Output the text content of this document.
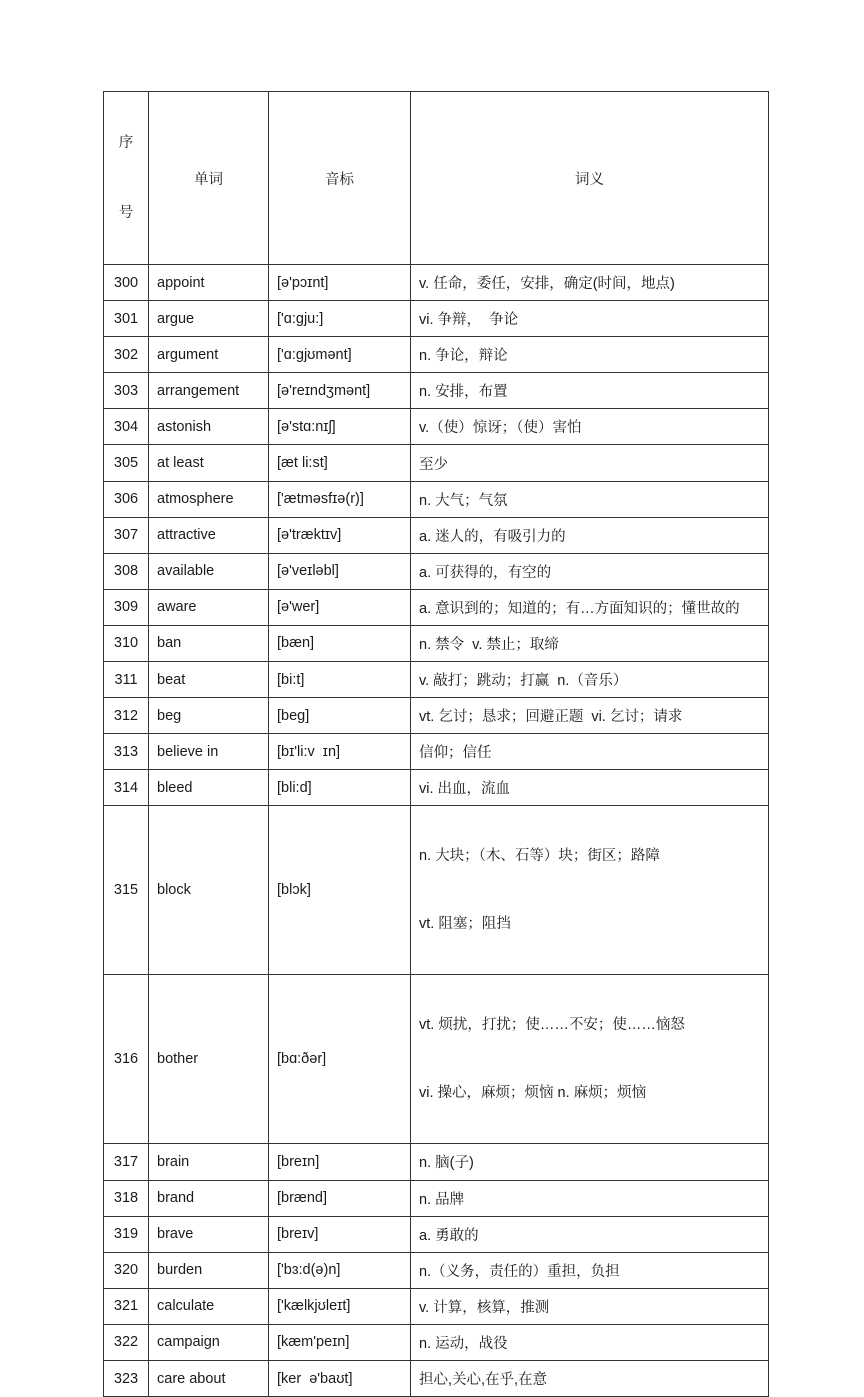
序

号	单词	音标	词义
300	appoint	[ə'pɔɪnt]	v. 任命，委任，安排，确定(时间，地点)
301	argue	['ɑ:gju:]	vi. 争辩，  争论
302	argument	['ɑ:gjʊmənt]	n. 争论，辩论
303	arrangement	[ə'reɪndʒmənt]	n. 安排，布置
304	astonish	[ə'stɑ:nɪʃ]	v.（使）惊讶；（使）害怕
305	at least	[æt li:st]	至少
306	atmosphere	['ætməsfɪə(r)]	n. 大气；气氛
307	attractive	[ə'træktɪv]	a. 迷人的，有吸引力的
308	available	[ə'veɪləbl]	a. 可获得的，有空的
309	aware	[ə'wer]	a. 意识到的；知道的；有…方面知识的；懂世故的
310	ban	[bæn]	n. 禁令  v. 禁止；取缔
311	beat	[bi:t]	v. 敲打；跳动；打赢  n.（音乐）
312	beg	[beg]	vt. 乞讨；恳求；回避正题  vi. 乞讨；请求
313	believe in	[bɪ'li:v  ɪn]	信仰；信任
314	bleed	[bli:d]	vi. 出血，流血
315	block	[blɔk]	n. 大块；（木、石等）块；街区；路障

vt. 阻塞；阻挡

316	bother	[bɑ:ðər]	vt. 烦扰，打扰；使……不安；使……恼怒

vi. 操心，麻烦；烦恼 n. 麻烦；烦恼

317	brain	[breɪn]	n. 脑(子)
318	brand	[brænd]	n. 品牌
319	brave	[breɪv]	a. 勇敢的
320	burden	['bɜ:d(ə)n]	n.（义务，责任的）重担，负担
321	calculate	['kælkjʊleɪt]	v. 计算，核算，推测
322	campaign	[kæm'peɪn]	n. 运动，战役
323	care about	[ker  ə'baʊt]	担心,关心,在乎,在意
